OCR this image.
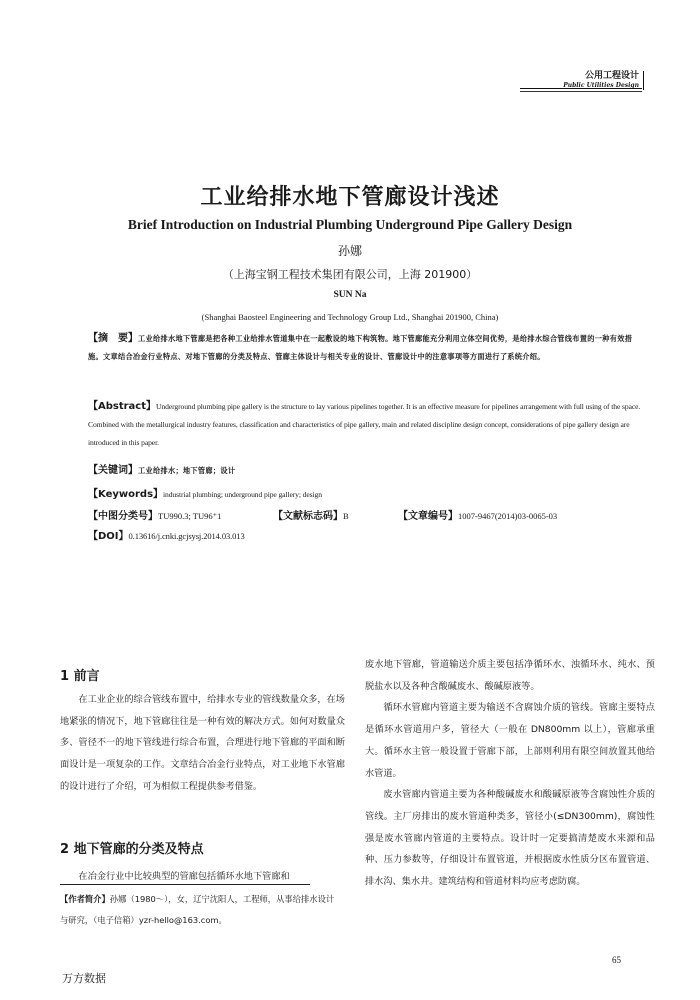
公用工程设计
Public Utilities Design
工业给排水地下管廊设计浅述
Brief Introduction on Industrial Plumbing Underground Pipe Gallery Design
孙娜
（上海宝钢工程技术集团有限公司，上海 201900）
SUN Na
(Shanghai Baosteel Engineering and Technology Group Ltd., Shanghai 201900, China)
【摘　要】工业给排水地下管廊是把各种工业给排水管道集中在一起敷设的地下构筑物。地下管廊能充分利用立体空间优势，是给排水综合管线布置的一种有效措施。文章结合冶金行业特点、对地下管廊的分类及特点、管廊主体设计与相关专业的设计、管廊设计中的注意事项等方面进行了系统介绍。
【Abstract】Underground plumbing pipe gallery is the structure to lay various pipelines together. It is an effective measure for pipelines arrangement with full using of the space. Combined with the metallurgical industry features, classification and characteristics of pipe gallery, main and related discipline design concept, considerations of pipe gallery design are introduced in this paper.
【关键词】工业给排水；地下管廊；设计
【Keywords】industrial plumbing; underground pipe gallery; design
【中图分类号】TU990.3; TU96⁺1	【文献标志码】B	【文章编号】1007-9467(2014)03-0065-03
【DOI】0.13616/j.cnki.gcjsysj.2014.03.013
1 前言

在工业企业的综合管线布置中，给排水专业的管线数量众多，在场地紧张的情况下，地下管廊往往是一种有效的解决方式。如何对数量众多、管径不一的地下管线进行综合布置，合理进行地下管廊的平面和断面设计是一项复杂的工作。文章结合冶金行业特点，对工业地下水管廊的设计进行了介绍，可为相似工程提供参考借鉴。

2 地下管廊的分类及特点

在冶金行业中比较典型的管廊包括循环水地下管廊和

【作者简介】孙娜（1980～），女，辽宁沈阳人，工程师，从事给排水设计与研究，（电子信箱）yzr-hello@163.com。

废水地下管廊，管道输送介质主要包括净循环水、浊循环水、纯水、预脱盐水以及各种含酸碱废水、酸碱原液等。

循环水管廊内管道主要为输送不含腐蚀介质的管线。管廊主要特点是循环水管道用户多，管径大（一般在 DN800mm 以上），管廊承重大。循环水主管一般设置于管廊下部，上部则利用有限空间放置其他给水管道。

废水管廊内管道主要为各种酸碱废水和酸碱原液等含腐蚀性介质的管线。主厂房排出的废水管道种类多，管径小(≤DN300mm)，腐蚀性强是废水管廊内管道的主要特点。设计时一定要搞清楚废水来源和品种、压力参数等，仔细设计布置管道，并根据废水性质分区布置管道、排水沟、集水井。建筑结构和管道材料均应考虑防腐。

65
万方数据
